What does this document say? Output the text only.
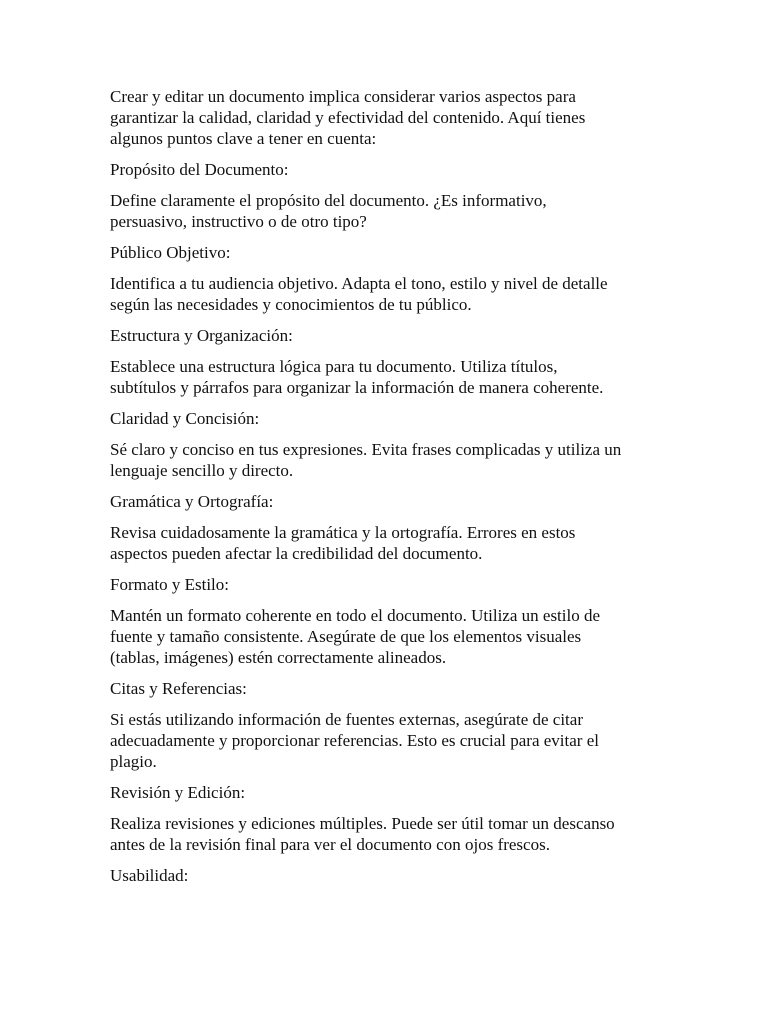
Crear y editar un documento implica considerar varios aspectos para
garantizar la calidad, claridad y efectividad del contenido. Aquí tienes
algunos puntos clave a tener en cuenta:

Propósito del Documento:

Define claramente el propósito del documento. ¿Es informativo,
persuasivo, instructivo o de otro tipo?

Público Objetivo:

Identifica a tu audiencia objetivo. Adapta el tono, estilo y nivel de detalle
según las necesidades y conocimientos de tu público.

Estructura y Organización:

Establece una estructura lógica para tu documento. Utiliza títulos,
subtítulos y párrafos para organizar la información de manera coherente.

Claridad y Concisión:

Sé claro y conciso en tus expresiones. Evita frases complicadas y utiliza un
lenguaje sencillo y directo.

Gramática y Ortografía:

Revisa cuidadosamente la gramática y la ortografía. Errores en estos
aspectos pueden afectar la credibilidad del documento.

Formato y Estilo:

Mantén un formato coherente en todo el documento. Utiliza un estilo de
fuente y tamaño consistente. Asegúrate de que los elementos visuales
(tablas, imágenes) estén correctamente alineados.

Citas y Referencias:

Si estás utilizando información de fuentes externas, asegúrate de citar
adecuadamente y proporcionar referencias. Esto es crucial para evitar el
plagio.

Revisión y Edición:

Realiza revisiones y ediciones múltiples. Puede ser útil tomar un descanso
antes de la revisión final para ver el documento con ojos frescos.

Usabilidad:
